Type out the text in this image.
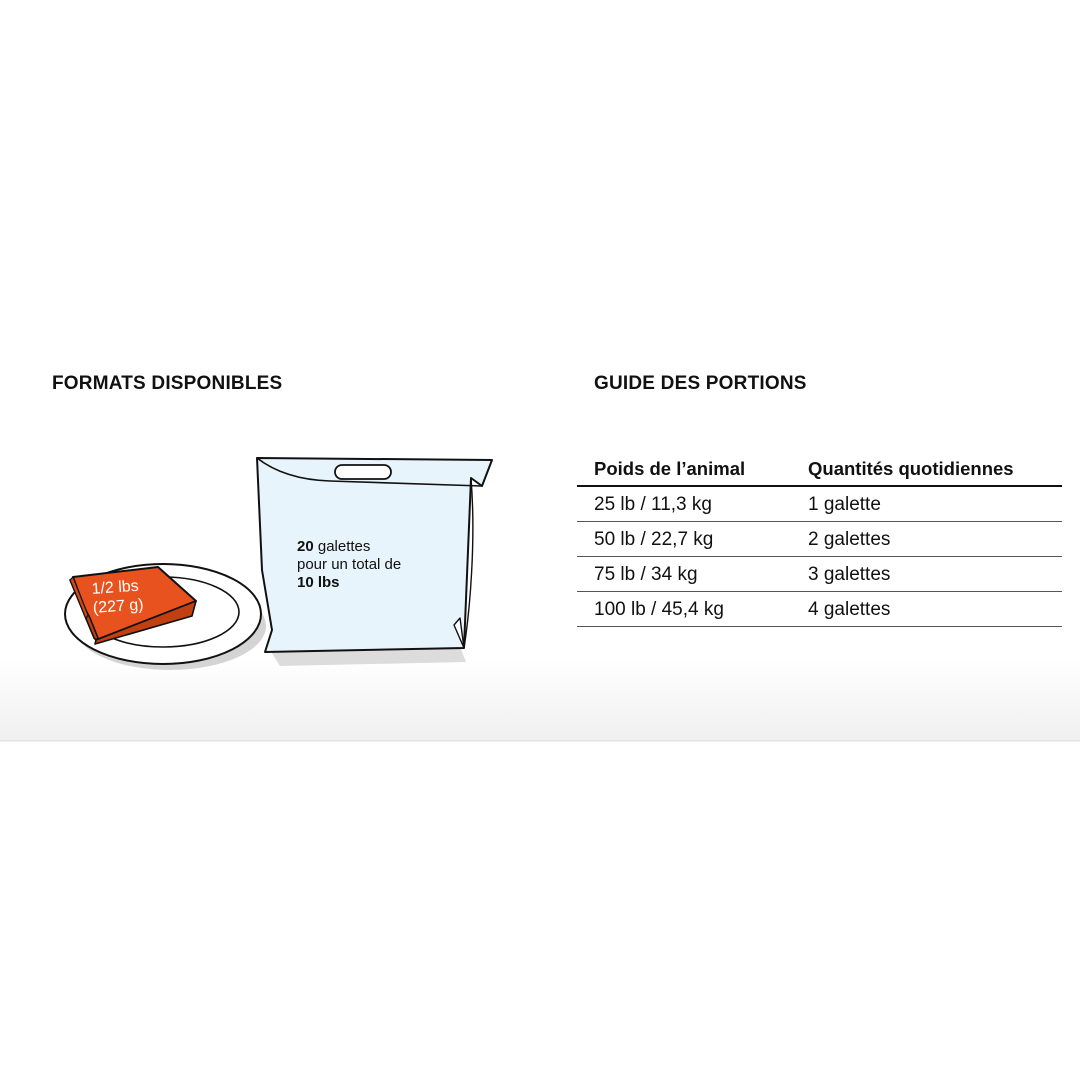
FORMATS DISPONIBLES	GUIDE DES PORTIONS
1/2 lbs
(227 g)
20 galettes
pour un total de
10 lbs
Poids de l’animal	Quantités quotidiennes
25 lb / 11,3 kg	1 galette
50 lb / 22,7 kg	2 galettes
75 lb / 34 kg	3 galettes
100 lb / 45,4 kg	4 galettes
